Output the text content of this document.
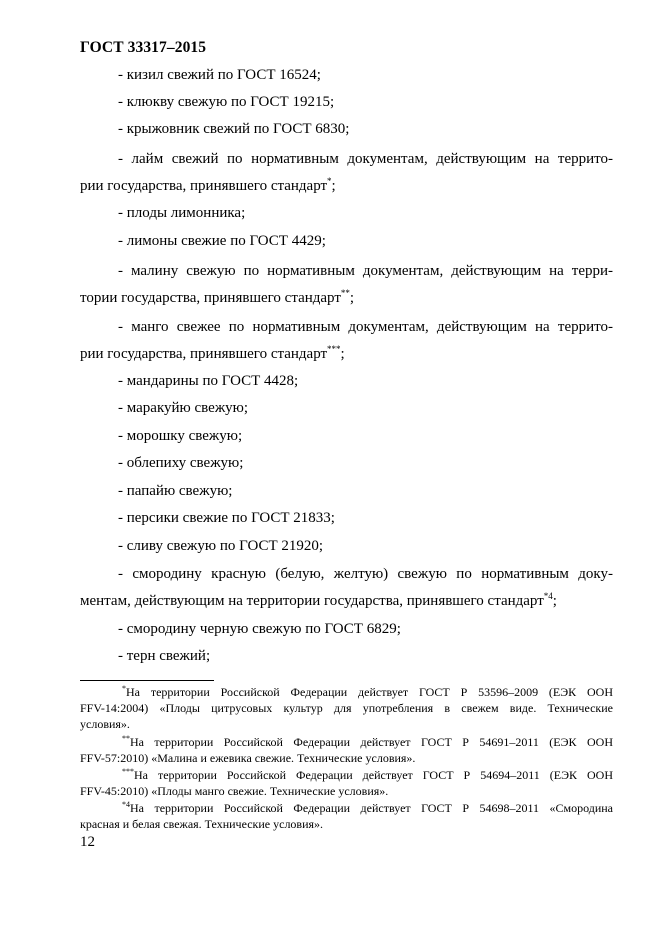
ГОСТ 33317–2015
- кизил свежий по ГОСТ 16524;
- клюкву свежую по ГОСТ 19215;
- крыжовник свежий по ГОСТ 6830;
- лайм свежий по нормативным документам, действующим на террито-
рии государства, принявшего стандарт*;
- плоды лимонника;
- лимоны свежие по ГОСТ 4429;
- малину свежую по нормативным документам, действующим на терри-
тории государства, принявшего стандарт**;
- манго свежее по нормативным документам, действующим на террито-
рии государства, принявшего стандарт***;
- мандарины по ГОСТ 4428;
- маракуйю свежую;
- морошку свежую;
- облепиху свежую;
- папайю свежую;
- персики свежие по ГОСТ 21833;
- сливу свежую по ГОСТ 21920;
- смородину красную (белую, желтую) свежую по нормативным доку-
ментам, действующим на территории государства, принявшего стандарт$^{*4}$;
- смородину черную свежую по ГОСТ 6829;
- терн свежий;
*На территории Российской Федерации действует ГОСТ Р 53596–2009 (ЕЭК ООН
FFV-14:2004) «Плоды цитрусовых культур для употребления в свежем виде. Технические
условия».
**На территории Российской Федерации действует ГОСТ Р 54691–2011 (ЕЭК ООН
FFV-57:2010) «Малина и ежевика свежие. Технические условия».
***На территории Российской Федерации действует ГОСТ Р 54694–2011 (ЕЭК ООН
FFV-45:2010) «Плоды манго свежие. Технические условия».
$^{*4}$На территории Российской Федерации действует ГОСТ Р 54698–2011 «Смородина
красная и белая свежая. Технические условия».
12
